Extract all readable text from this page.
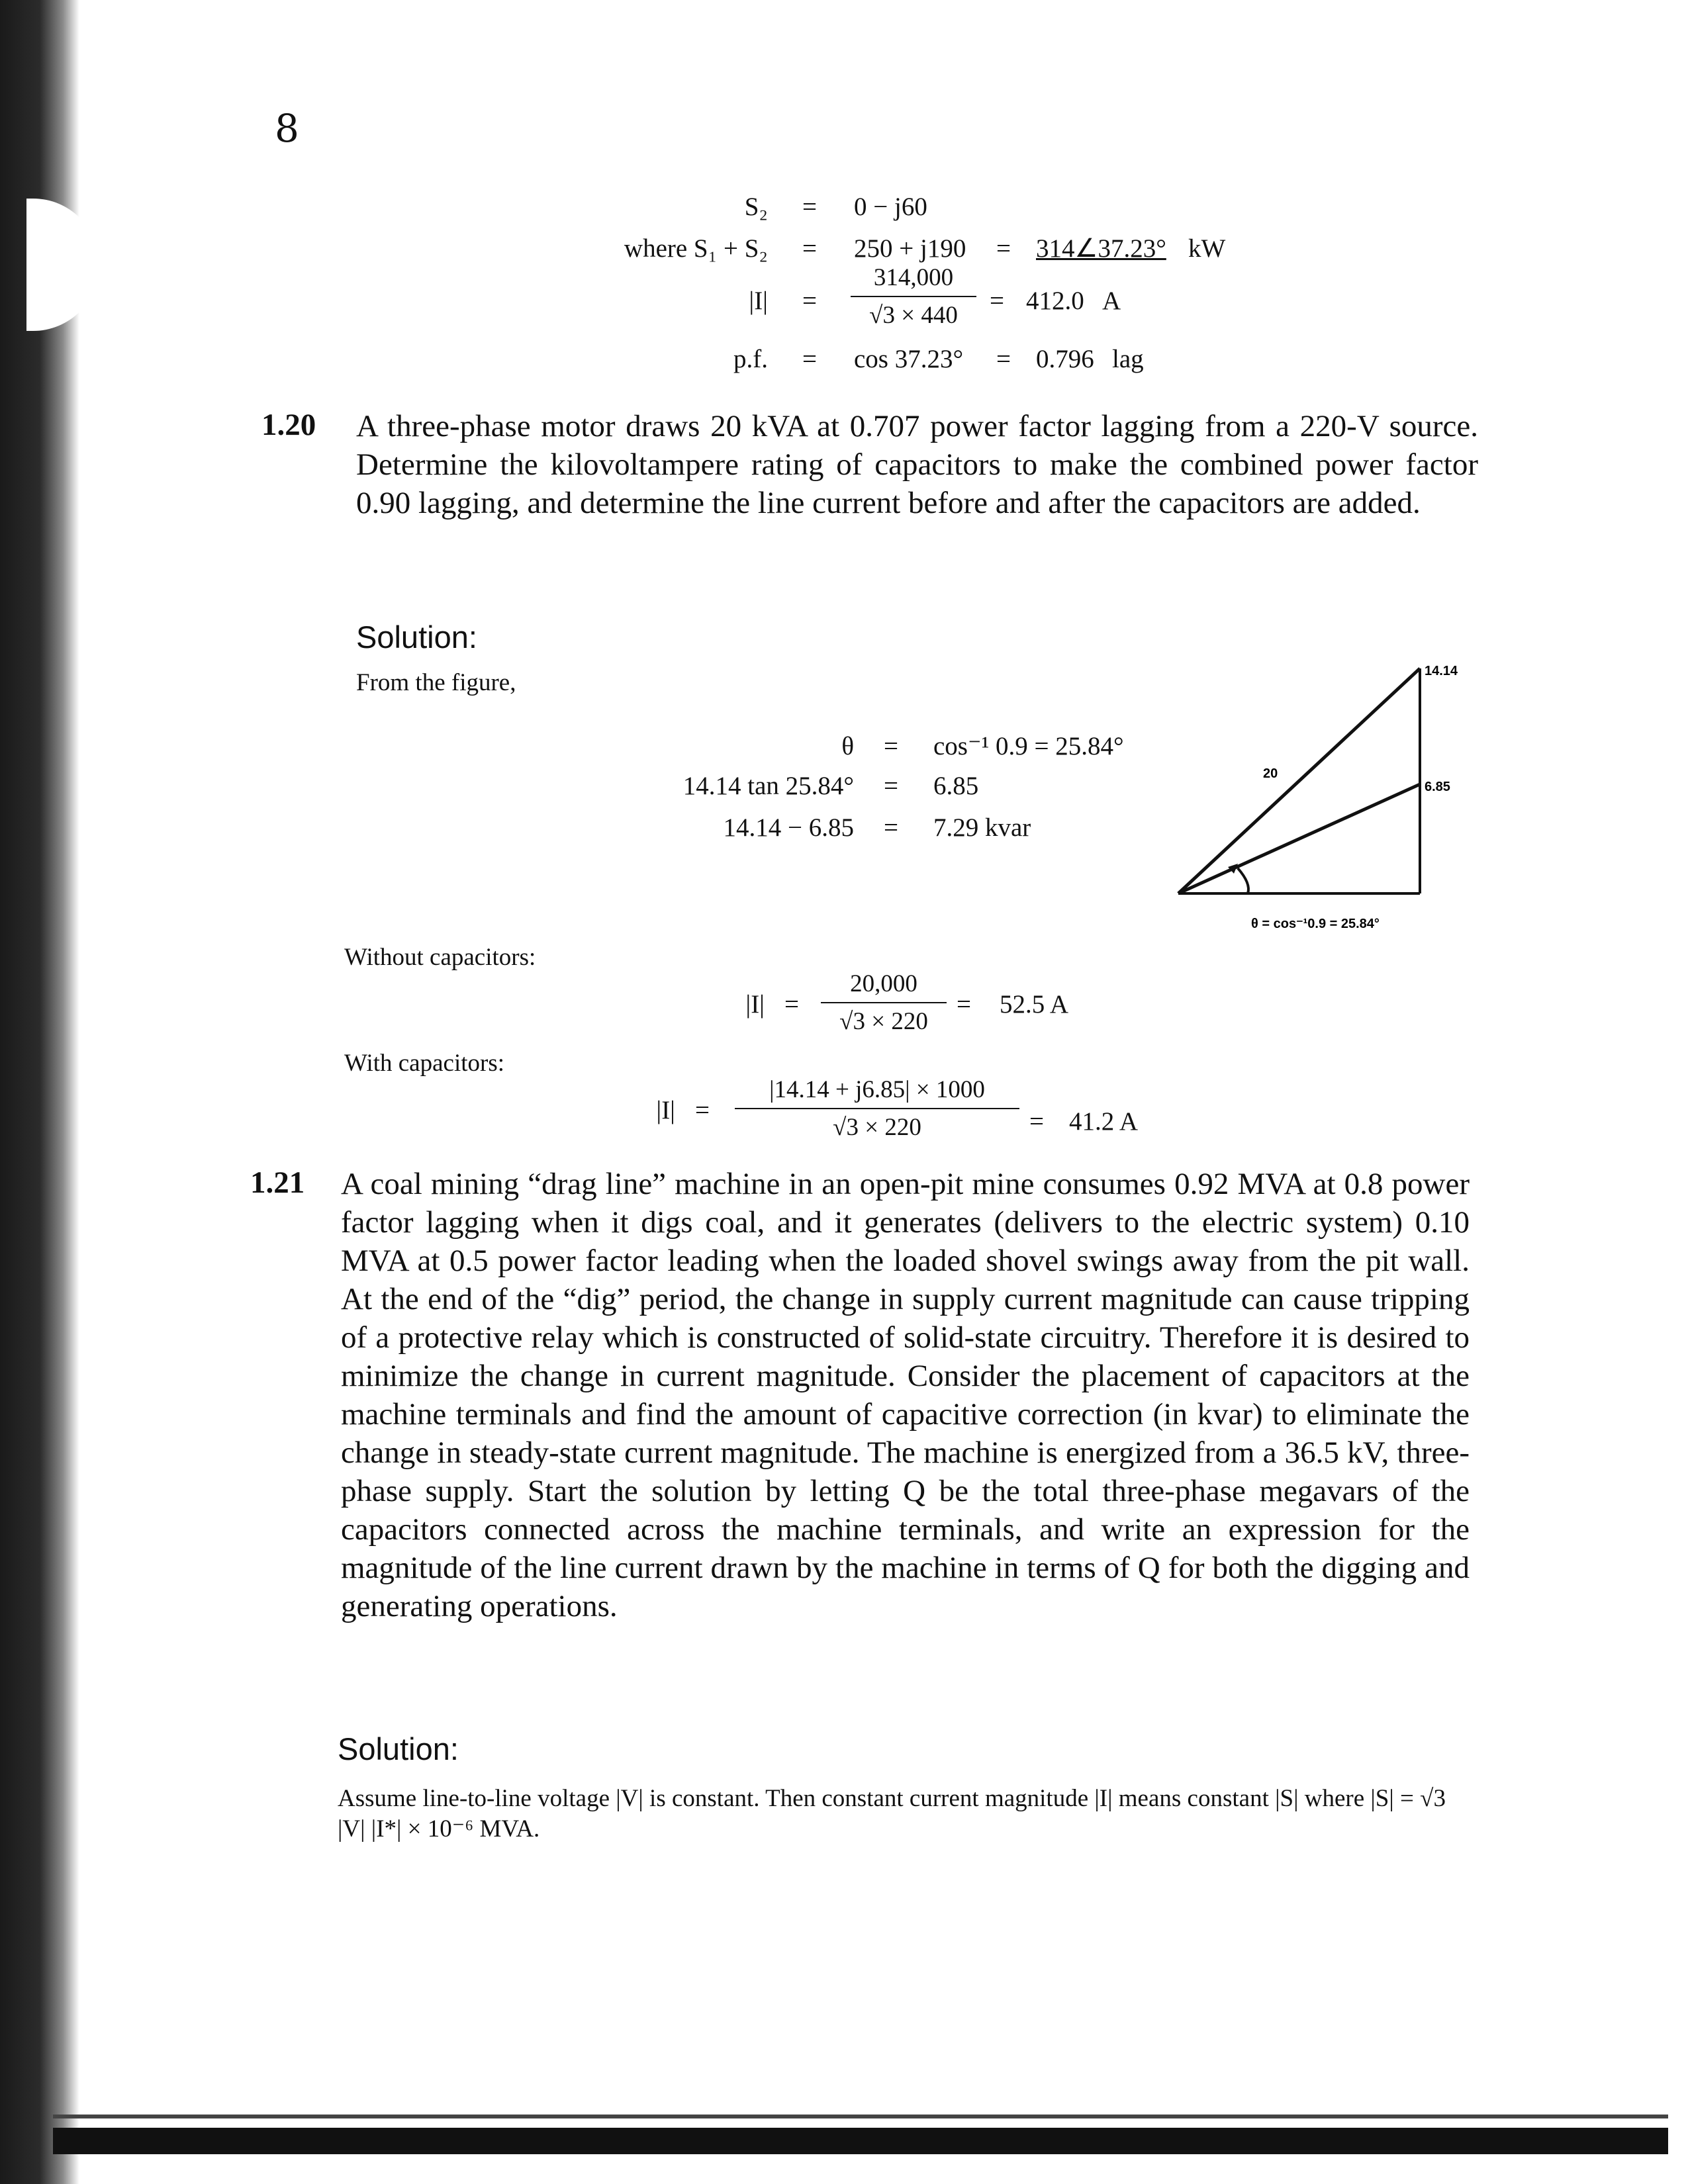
8
S₂ = 0 − j60
where S₁ + S₂ = 250 + j190 = 314∠37.23° kW
$|I| = \frac{314,000}{√3 \times 440} = 412.0$ A
p.f. = cos 37.23° = 0.796 lag
1.20 A three-phase motor draws 20 kVA at 0.707 power factor lagging from a 220-V source. Determine the kilovoltampere rating of capacitors to make the combined power factor 0.90 lagging, and determine the line current before and after the capacitors are added.
Solution:
From the figure,
θ = cos⁻¹ 0.9 = 25.84°
14.14 tan 25.84° = 6.85
14.14 − 6.85 = 7.29 kvar
14.14
6.85
20
θ = cos⁻¹0.9 = 25.84°
Without capacitors:
$|I| = \frac{20,000}{√3 \times 220} = 52.5$ A
With capacitors:
$|I| = \frac{|14.14 + j6.85| \times 1000}{√3 \times 220} = 41.2$ A
1.21 A coal mining “drag line” machine in an open-pit mine consumes 0.92 MVA at 0.8 power factor lagging when it digs coal, and it generates (delivers to the electric system) 0.10 MVA at 0.5 power factor leading when the loaded shovel swings away from the pit wall. At the end of the “dig” period, the change in supply current magnitude can cause tripping of a protective relay which is constructed of solid-state circuitry. Therefore it is desired to minimize the change in current magnitude. Consider the placement of capacitors at the machine terminals and find the amount of capacitive correction (in kvar) to eliminate the change in steady-state current magnitude. The machine is energized from a 36.5 kV, three-phase supply. Start the solution by letting Q be the total three-phase megavars of the capacitors connected across the machine terminals, and write an expression for the magnitude of the line current drawn by the machine in terms of Q for both the digging and generating operations.
Solution:
Assume line-to-line voltage |V| is constant. Then constant current magnitude |I| means constant |S| where |S| = √3 |V| |I*| × 10⁻⁶ MVA.
